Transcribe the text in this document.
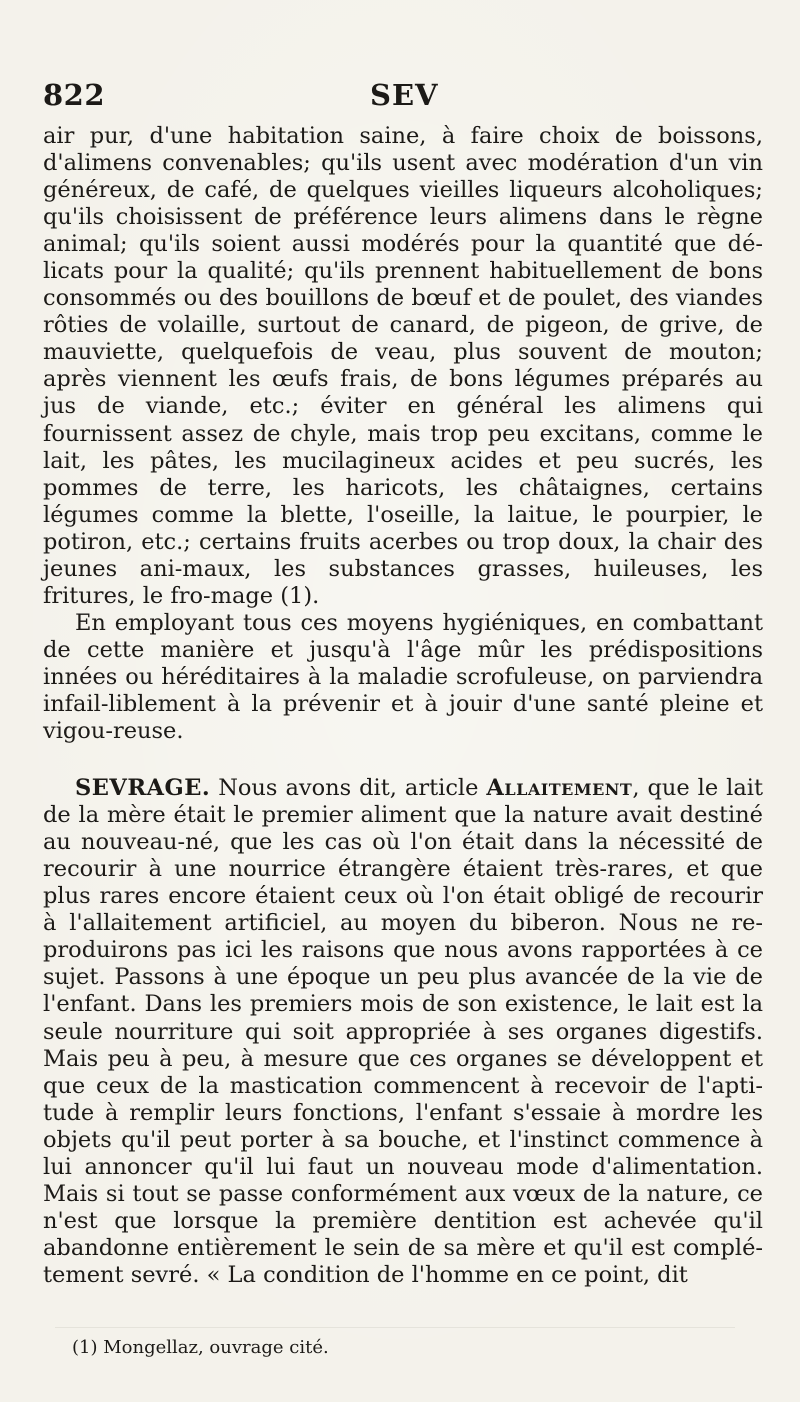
822	SEV

air pur, d'une habitation saine, à faire choix de boissons, d'alimens convenables; qu'ils usent avec modération d'un vin généreux, de café, de quelques vieilles liqueurs alcoholiques; qu'ils choisissent de préférence leurs alimens dans le règne animal; qu'ils soient aussi modérés pour la quantité que dé-licats pour la qualité; qu'ils prennent habituellement de bons consommés ou des bouillons de bœuf et de poulet, des viandes rôties de volaille, surtout de canard, de pigeon, de grive, de mauviette, quelquefois de veau, plus souvent de mouton; après viennent les œufs frais, de bons légumes préparés au jus de viande, etc.; éviter en général les alimens qui fournissent assez de chyle, mais trop peu excitans, comme le lait, les pâtes, les mucilagineux acides et peu sucrés, les pommes de terre, les haricots, les châtaignes, certains légumes comme la blette, l'oseille, la laitue, le pourpier, le potiron, etc.; certains fruits acerbes ou trop doux, la chair des jeunes ani-maux, les substances grasses, huileuses, les fritures, le fro-mage (1).

En employant tous ces moyens hygiéniques, en combattant de cette manière et jusqu'à l'âge mûr les prédispositions innées ou héréditaires à la maladie scrofuleuse, on parviendra infail-liblement à la prévenir et à jouir d'une santé pleine et vigou-reuse.

SEVRAGE. Nous avons dit, article Allaitement, que le lait de la mère était le premier aliment que la nature avait destiné au nouveau-né, que les cas où l'on était dans la nécessité de recourir à une nourrice étrangère étaient très-rares, et que plus rares encore étaient ceux où l'on était obligé de recourir à l'allaitement artificiel, au moyen du biberon. Nous ne re-produirons pas ici les raisons que nous avons rapportées à ce sujet. Passons à une époque un peu plus avancée de la vie de l'enfant. Dans les premiers mois de son existence, le lait est la seule nourriture qui soit appropriée à ses organes digestifs. Mais peu à peu, à mesure que ces organes se développent et que ceux de la mastication commencent à recevoir de l'apti-tude à remplir leurs fonctions, l'enfant s'essaie à mordre les objets qu'il peut porter à sa bouche, et l'instinct commence à lui annoncer qu'il lui faut un nouveau mode d'alimentation. Mais si tout se passe conformément aux vœux de la nature, ce n'est que lorsque la première dentition est achevée qu'il abandonne entièrement le sein de sa mère et qu'il est complé-tement sevré. « La condition de l'homme en ce point, dit

(1) Mongellaz, ouvrage cité.
